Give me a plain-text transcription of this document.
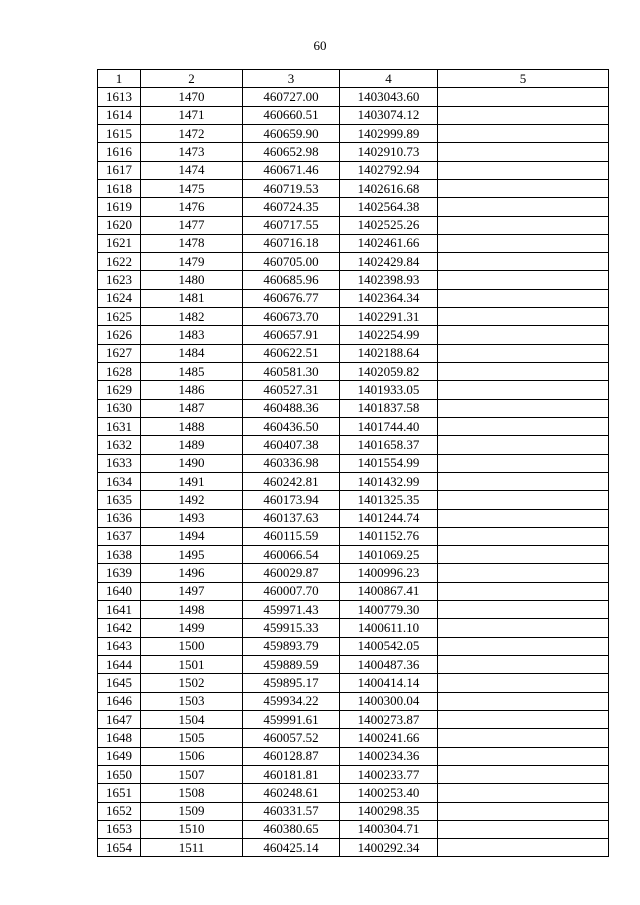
60
1	2	3	4	5
1613	1470	460727.00	1403043.60	
1614	1471	460660.51	1403074.12	
1615	1472	460659.90	1402999.89	
1616	1473	460652.98	1402910.73	
1617	1474	460671.46	1402792.94	
1618	1475	460719.53	1402616.68	
1619	1476	460724.35	1402564.38	
1620	1477	460717.55	1402525.26	
1621	1478	460716.18	1402461.66	
1622	1479	460705.00	1402429.84	
1623	1480	460685.96	1402398.93	
1624	1481	460676.77	1402364.34	
1625	1482	460673.70	1402291.31	
1626	1483	460657.91	1402254.99	
1627	1484	460622.51	1402188.64	
1628	1485	460581.30	1402059.82	
1629	1486	460527.31	1401933.05	
1630	1487	460488.36	1401837.58	
1631	1488	460436.50	1401744.40	
1632	1489	460407.38	1401658.37	
1633	1490	460336.98	1401554.99	
1634	1491	460242.81	1401432.99	
1635	1492	460173.94	1401325.35	
1636	1493	460137.63	1401244.74	
1637	1494	460115.59	1401152.76	
1638	1495	460066.54	1401069.25	
1639	1496	460029.87	1400996.23	
1640	1497	460007.70	1400867.41	
1641	1498	459971.43	1400779.30	
1642	1499	459915.33	1400611.10	
1643	1500	459893.79	1400542.05	
1644	1501	459889.59	1400487.36	
1645	1502	459895.17	1400414.14	
1646	1503	459934.22	1400300.04	
1647	1504	459991.61	1400273.87	
1648	1505	460057.52	1400241.66	
1649	1506	460128.87	1400234.36	
1650	1507	460181.81	1400233.77	
1651	1508	460248.61	1400253.40	
1652	1509	460331.57	1400298.35	
1653	1510	460380.65	1400304.71	
1654	1511	460425.14	1400292.34	
